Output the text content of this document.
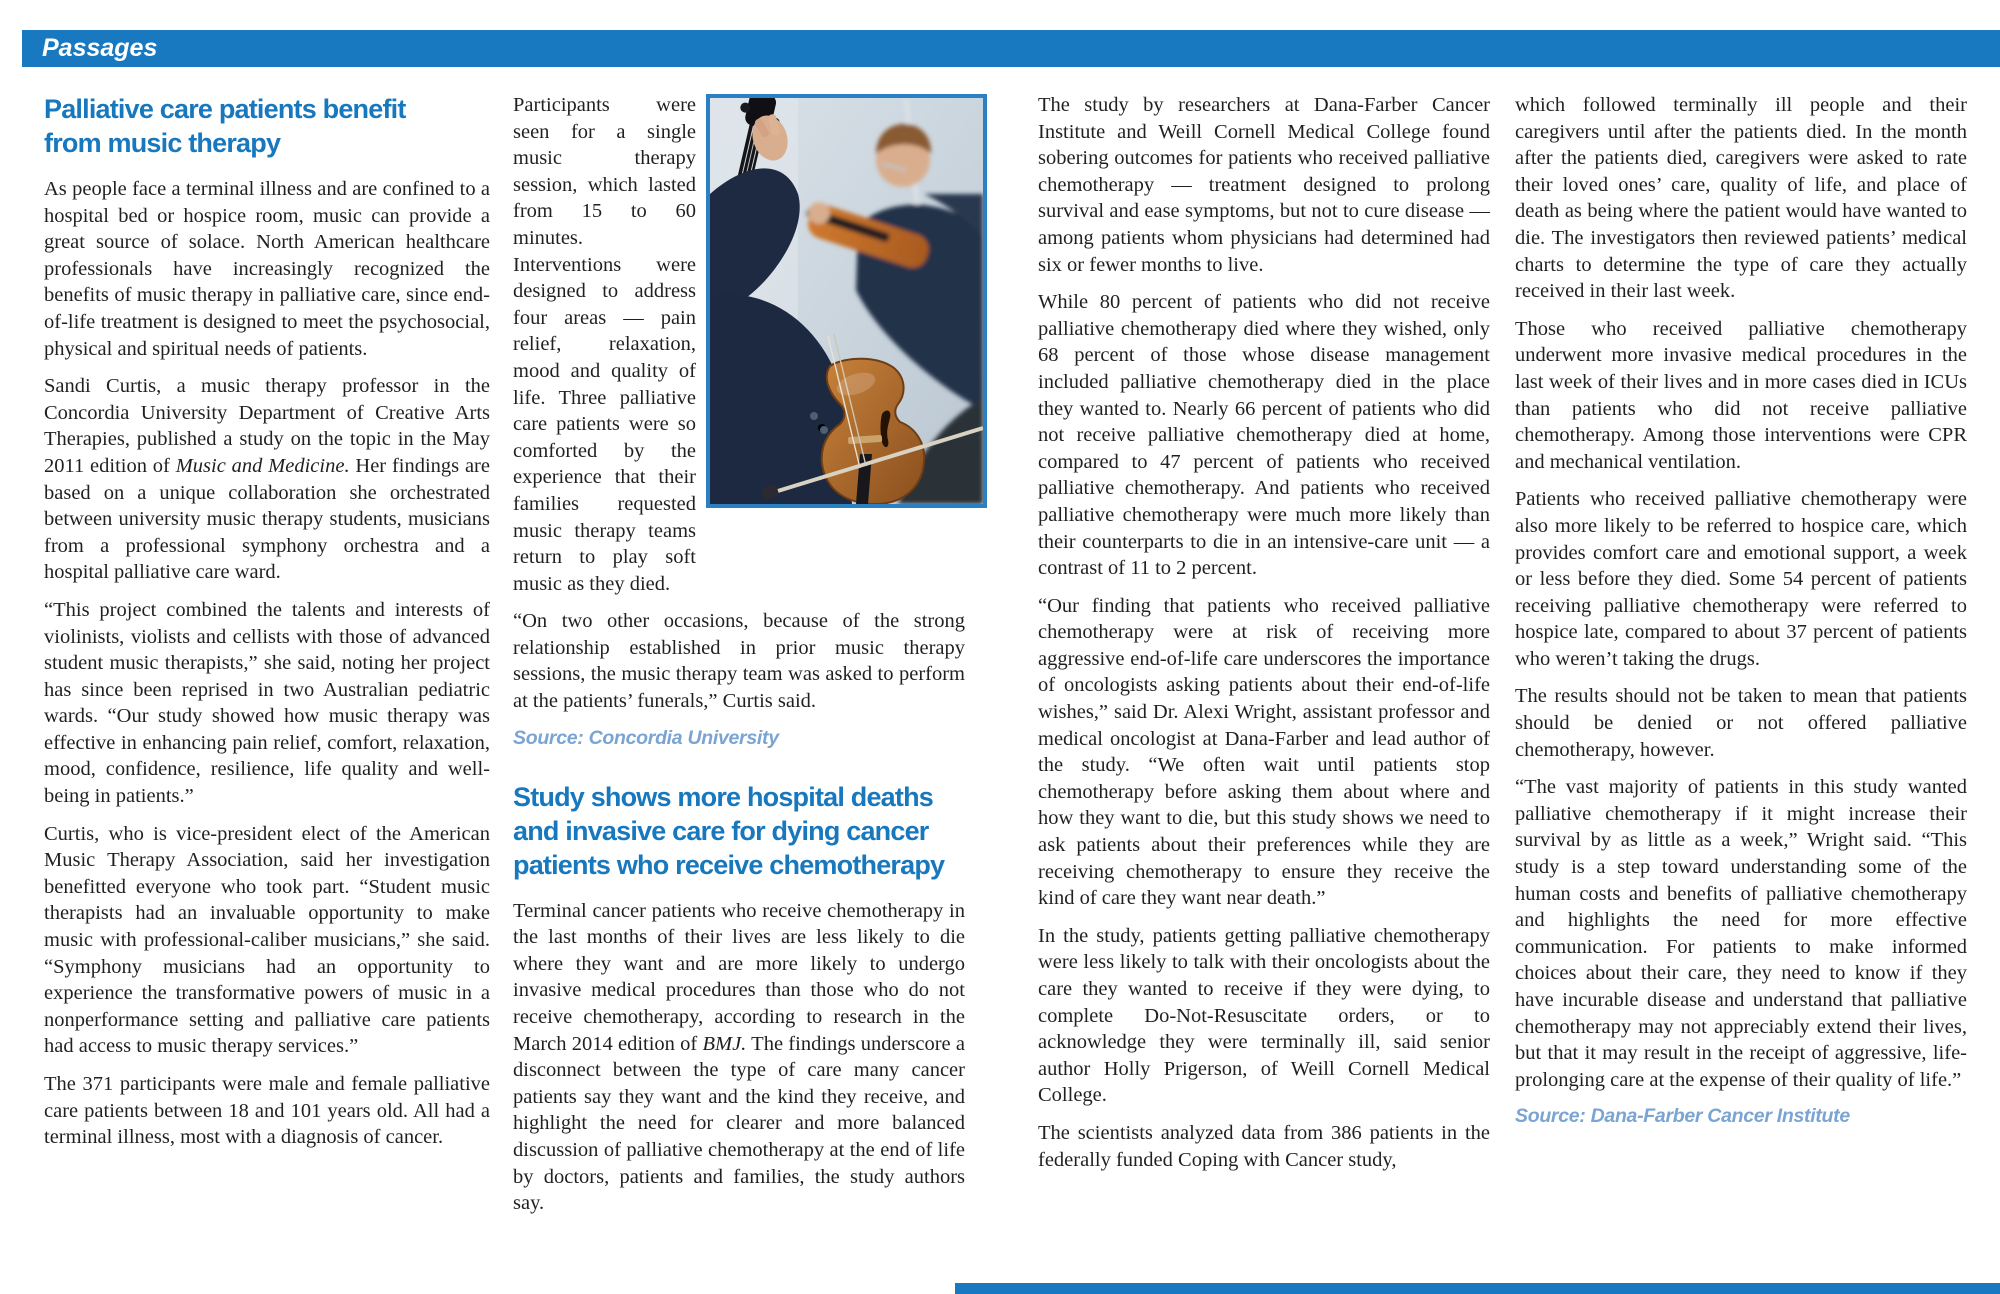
Passages
Palliative care patients benefit
from music therapy

As people face a terminal illness and are confined to a hospital bed or hospice room, music can provide a great source of solace. North American healthcare professionals have increasingly recognized the benefits of music therapy in palliative care, since end-of-life treatment is designed to meet the psychosocial, physical and spiritual needs of patients.

Sandi Curtis, a music therapy professor in the Concordia University Department of Creative Arts Therapies, published a study on the topic in the May 2011 edition of Music and Medicine. Her findings are based on a unique collaboration she orchestrated between university music therapy students, musicians from a professional symphony orchestra and a hospital palliative care ward.

“This project combined the talents and interests of violinists, violists and cellists with those of advanced student music therapists,” she said, noting her project has since been reprised in two Australian pediatric wards. “Our study showed how music therapy was effective in enhancing pain relief, comfort, relaxation, mood, confidence, resilience, life quality and well-being in patients.”

Curtis, who is vice-president elect of the American Music Therapy Association, said her investigation benefitted everyone who took part. “Student music therapists had an invaluable opportunity to make music with professional-caliber musicians,” she said. “Symphony musicians had an opportunity to experience the transformative powers of music in a nonperformance setting and palliative care patients had access to music therapy services.”

The 371 participants were male and female palliative care patients between 18 and 101 years old. All had a terminal illness, most with a diagnosis of cancer.

Participants were seen for a single music therapy session, which lasted from 15 to 60 minutes. Interventions were designed to address four areas — pain relief, relaxation, mood and quality of life. Three palliative care patients were so comforted by the experience that their families requested music therapy teams return to play soft music as they died.

“On two other occasions, because of the strong relationship established in prior music therapy sessions, the music therapy team was asked to perform at the patients’ funerals,” Curtis said.

Source: Concordia University
Study shows more hospital deaths
and invasive care for dying cancer
patients who receive chemotherapy

Terminal cancer patients who receive chemotherapy in the last months of their lives are less likely to die where they want and are more likely to undergo invasive medical procedures than those who do not receive chemotherapy, according to research in the March 2014 edition of BMJ. The findings underscore a disconnect between the type of care many cancer patients say they want and the kind they receive, and highlight the need for clearer and more balanced discussion of palliative chemotherapy at the end of life by doctors, patients and families, the study authors say.

The study by researchers at Dana-Farber Cancer Institute and Weill Cornell Medical College found sobering outcomes for patients who received palliative chemotherapy — treatment designed to prolong survival and ease symptoms, but not to cure disease — among patients whom physicians had determined had six or fewer months to live.

While 80 percent of patients who did not receive palliative chemotherapy died where they wished, only 68 percent of those whose disease management included palliative chemotherapy died in the place they wanted to. Nearly 66 percent of patients who did not receive palliative chemotherapy died at home, compared to 47 percent of patients who received palliative chemotherapy. And patients who received palliative chemotherapy were much more likely than their counterparts to die in an intensive-care unit — a contrast of 11 to 2 percent.

“Our finding that patients who received palliative chemotherapy were at risk of receiving more aggressive end-of-life care underscores the importance of oncologists asking patients about their end-of-life wishes,” said Dr. Alexi Wright, assistant professor and medical oncologist at Dana-Farber and lead author of the study. “We often wait until patients stop chemotherapy before asking them about where and how they want to die, but this study shows we need to ask patients about their preferences while they are receiving chemotherapy to ensure they receive the kind of care they want near death.”

In the study, patients getting palliative chemotherapy were less likely to talk with their oncologists about the care they wanted to receive if they were dying, to complete Do-Not-Resuscitate orders, or to acknowledge they were terminally ill, said senior author Holly Prigerson, of Weill Cornell Medical College.

The scientists analyzed data from 386 patients in the federally funded Coping with Cancer study,

which followed terminally ill people and their caregivers until after the patients died. In the month after the patients died, caregivers were asked to rate their loved ones’ care, quality of life, and place of death as being where the patient would have wanted to die. The investigators then reviewed patients’ medical charts to determine the type of care they actually received in their last week.

Those who received palliative chemotherapy underwent more invasive medical procedures in the last week of their lives and in more cases died in ICUs than patients who did not receive palliative chemotherapy. Among those interventions were CPR and mechanical ventilation.

Patients who received palliative chemotherapy were also more likely to be referred to hospice care, which provides comfort care and emotional support, a week or less before they died. Some 54 percent of patients receiving palliative chemotherapy were referred to hospice late, compared to about 37 percent of patients who weren’t taking the drugs.

The results should not be taken to mean that patients should be denied or not offered palliative chemotherapy, however.

“The vast majority of patients in this study wanted palliative chemotherapy if it might increase their survival by as little as a week,” Wright said. “This study is a step toward understanding some of the human costs and benefits of palliative chemotherapy and highlights the need for more effective communication. For patients to make informed choices about their care, they need to know if they have incurable disease and understand that palliative chemotherapy may not appreciably extend their lives, but that it may result in the receipt of aggressive, life-prolonging care at the expense of their quality of life.”

Source: Dana-Farber Cancer Institute
